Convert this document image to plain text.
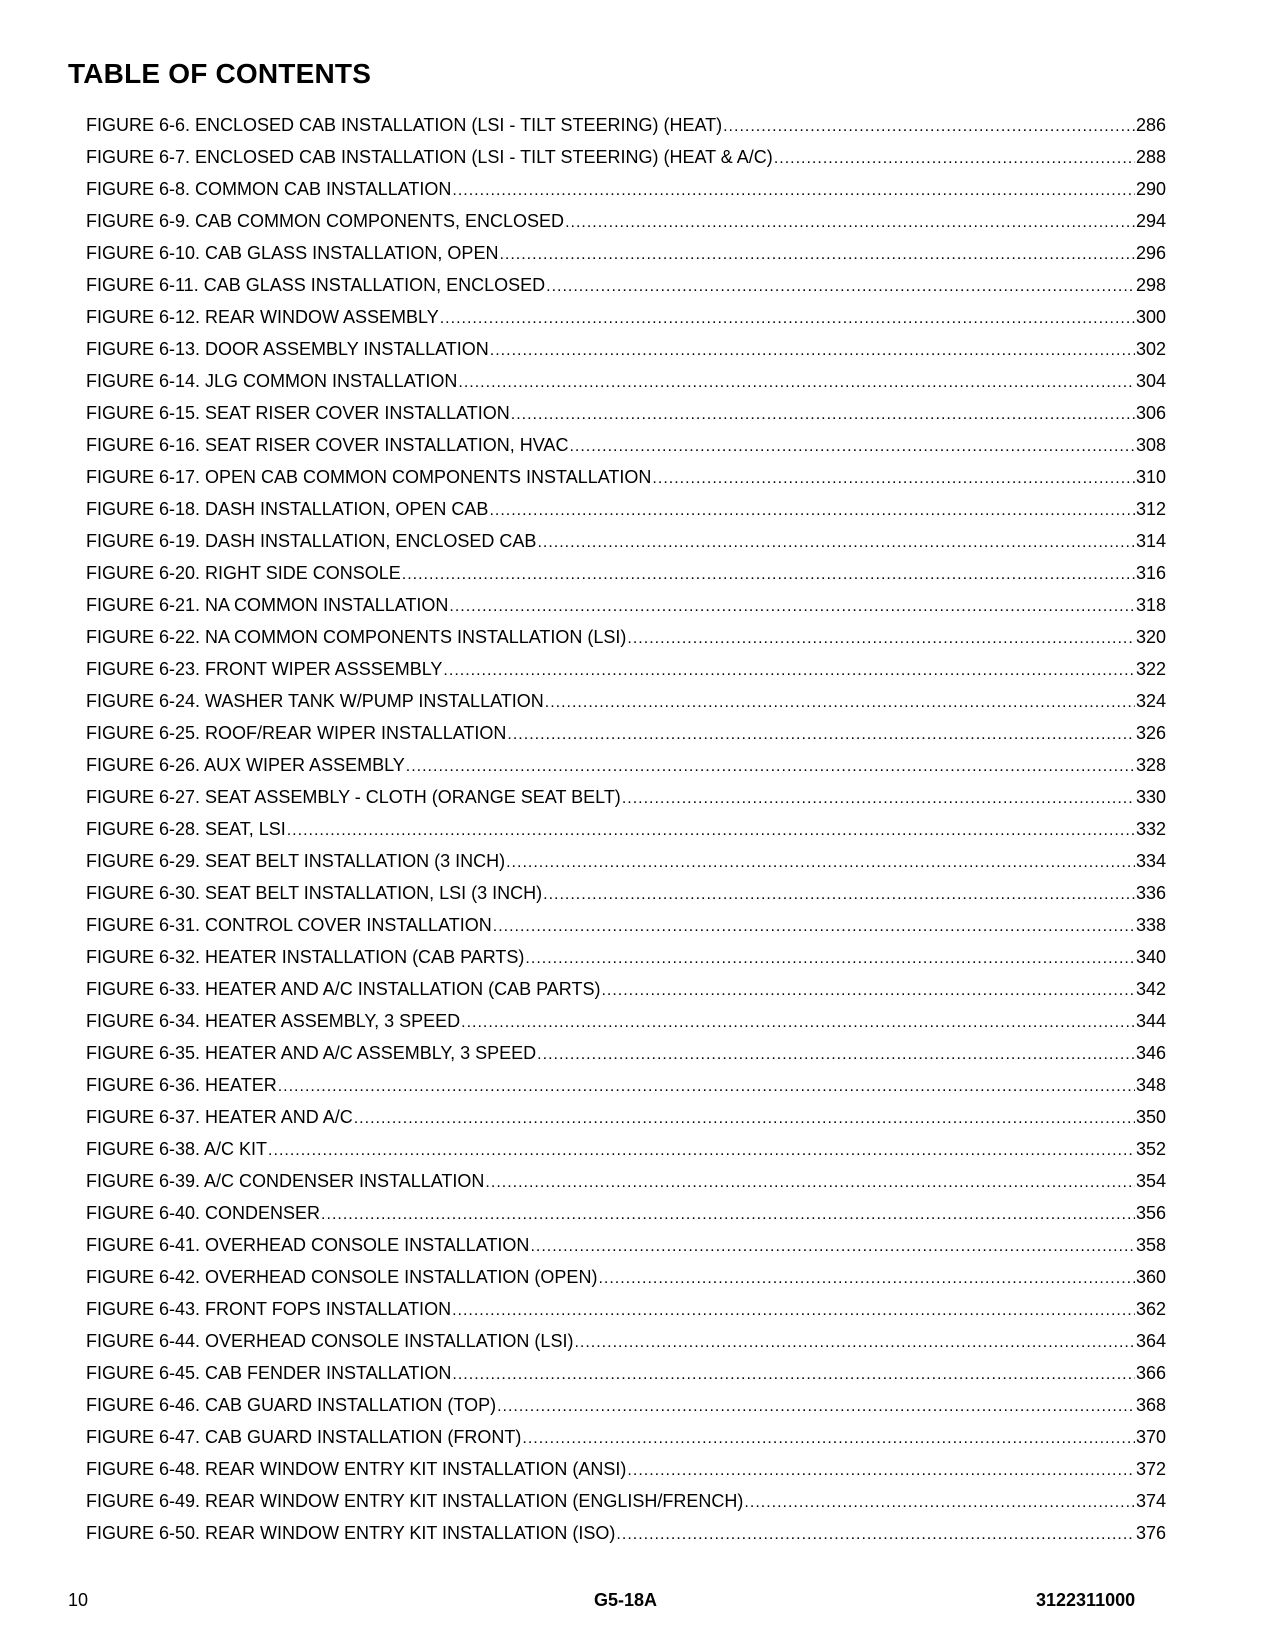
TABLE OF CONTENTS
FIGURE 6-6. ENCLOSED CAB INSTALLATION (LSI - TILT STEERING) (HEAT) .....	286
FIGURE 6-7. ENCLOSED CAB INSTALLATION (LSI - TILT STEERING) (HEAT & A/C) .....	288
FIGURE 6-8. COMMON CAB INSTALLATION .....	290
FIGURE 6-9. CAB COMMON COMPONENTS, ENCLOSED .....	294
FIGURE 6-10. CAB GLASS INSTALLATION, OPEN .....	296
FIGURE 6-11. CAB GLASS INSTALLATION, ENCLOSED .....	298
FIGURE 6-12. REAR WINDOW ASSEMBLY .....	300
FIGURE 6-13. DOOR ASSEMBLY INSTALLATION .....	302
FIGURE 6-14. JLG COMMON INSTALLATION .....	304
FIGURE 6-15. SEAT RISER COVER INSTALLATION .....	306
FIGURE 6-16. SEAT RISER COVER INSTALLATION, HVAC .....	308
FIGURE 6-17. OPEN CAB COMMON COMPONENTS INSTALLATION .....	310
FIGURE 6-18. DASH INSTALLATION, OPEN CAB .....	312
FIGURE 6-19. DASH INSTALLATION, ENCLOSED CAB .....	314
FIGURE 6-20. RIGHT SIDE CONSOLE .....	316
FIGURE 6-21. NA COMMON INSTALLATION .....	318
FIGURE 6-22. NA COMMON COMPONENTS INSTALLATION (LSI) .....	320
FIGURE 6-23. FRONT WIPER ASSSEMBLY .....	322
FIGURE 6-24. WASHER TANK W/PUMP INSTALLATION .....	324
FIGURE 6-25. ROOF/REAR WIPER INSTALLATION .....	326
FIGURE 6-26. AUX WIPER ASSEMBLY .....	328
FIGURE 6-27. SEAT ASSEMBLY - CLOTH (ORANGE SEAT BELT) .....	330
FIGURE 6-28. SEAT, LSI .....	332
FIGURE 6-29. SEAT BELT INSTALLATION (3 INCH) .....	334
FIGURE 6-30. SEAT BELT INSTALLATION, LSI (3 INCH) .....	336
FIGURE 6-31. CONTROL COVER INSTALLATION .....	338
FIGURE 6-32. HEATER INSTALLATION (CAB PARTS) .....	340
FIGURE 6-33. HEATER AND A/C INSTALLATION (CAB PARTS) .....	342
FIGURE 6-34. HEATER ASSEMBLY, 3 SPEED .....	344
FIGURE 6-35. HEATER AND A/C ASSEMBLY, 3 SPEED .....	346
FIGURE 6-36. HEATER .....	348
FIGURE 6-37. HEATER AND A/C .....	350
FIGURE 6-38. A/C KIT .....	352
FIGURE 6-39. A/C CONDENSER INSTALLATION .....	354
FIGURE 6-40. CONDENSER .....	356
FIGURE 6-41. OVERHEAD CONSOLE INSTALLATION .....	358
FIGURE 6-42. OVERHEAD CONSOLE INSTALLATION (OPEN) .....	360
FIGURE 6-43. FRONT FOPS INSTALLATION .....	362
FIGURE 6-44. OVERHEAD CONSOLE INSTALLATION (LSI) .....	364
FIGURE 6-45. CAB FENDER INSTALLATION .....	366
FIGURE 6-46. CAB GUARD INSTALLATION (TOP) .....	368
FIGURE 6-47. CAB GUARD INSTALLATION (FRONT) .....	370
FIGURE 6-48. REAR WINDOW ENTRY KIT INSTALLATION (ANSI) .....	372
FIGURE 6-49. REAR WINDOW ENTRY KIT INSTALLATION (ENGLISH/FRENCH) .....	374
FIGURE 6-50. REAR WINDOW ENTRY KIT INSTALLATION (ISO) .....	376
10	G5-18A	3122311000
